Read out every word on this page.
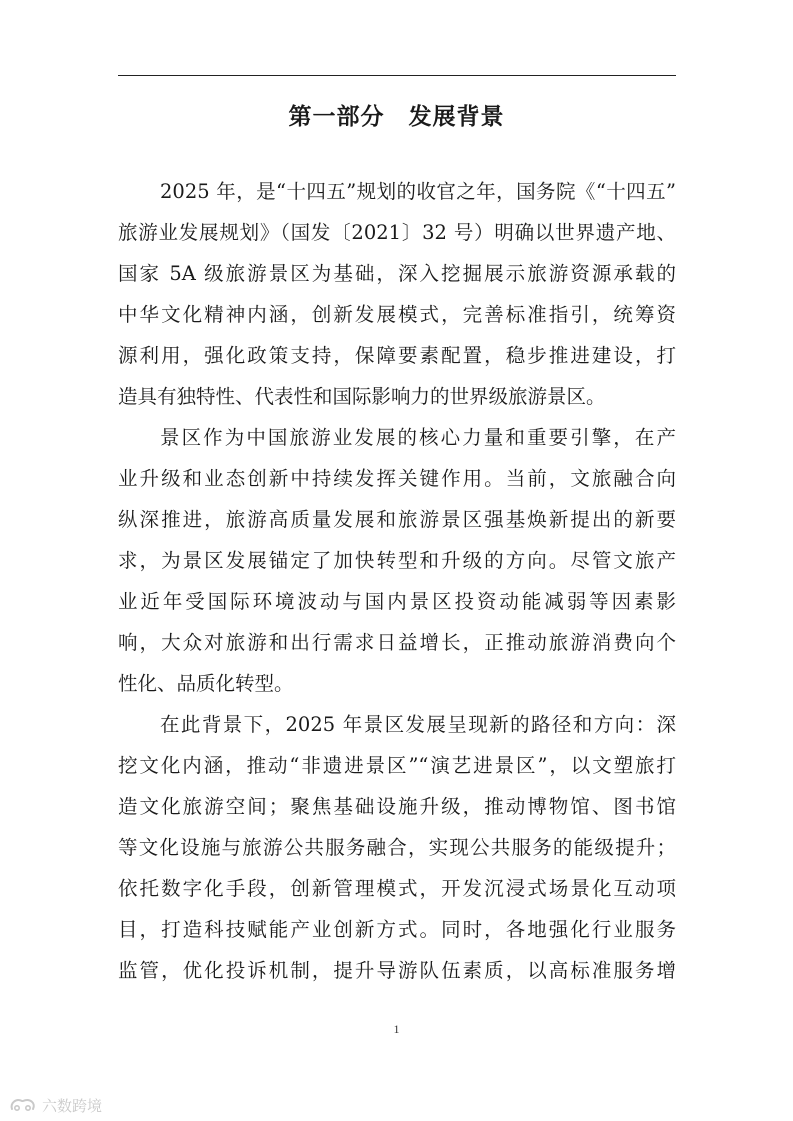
第一部分　发展背景
2025 年，是“十四五”规划的收官之年，国务院《“十四五”
旅游业发展规划》（国发〔2021〕32 号）明确以世界遗产地、
国家 5A 级旅游景区为基础，深入挖掘展示旅游资源承载的
中华文化精神内涵，创新发展模式，完善标准指引，统筹资
源利用，强化政策支持，保障要素配置，稳步推进建设，打
造具有独特性、代表性和国际影响力的世界级旅游景区。
景区作为中国旅游业发展的核心力量和重要引擎，在产
业升级和业态创新中持续发挥关键作用。当前，文旅融合向
纵深推进，旅游高质量发展和旅游景区强基焕新提出的新要
求，为景区发展锚定了加快转型和升级的方向。尽管文旅产
业近年受国际环境波动与国内景区投资动能减弱等因素影
响，大众对旅游和出行需求日益增长，正推动旅游消费向个
性化、品质化转型。
在此背景下，2025 年景区发展呈现新的路径和方向：深
挖文化内涵，推动“非遗进景区”“演艺进景区”，以文塑旅打
造文化旅游空间；聚焦基础设施升级，推动博物馆、图书馆
等文化设施与旅游公共服务融合，实现公共服务的能级提升；
依托数字化手段，创新管理模式，开发沉浸式场景化互动项
目，打造科技赋能产业创新方式。同时，各地强化行业服务
监管，优化投诉机制，提升导游队伍素质，以高标准服务增
1
六数跨境
